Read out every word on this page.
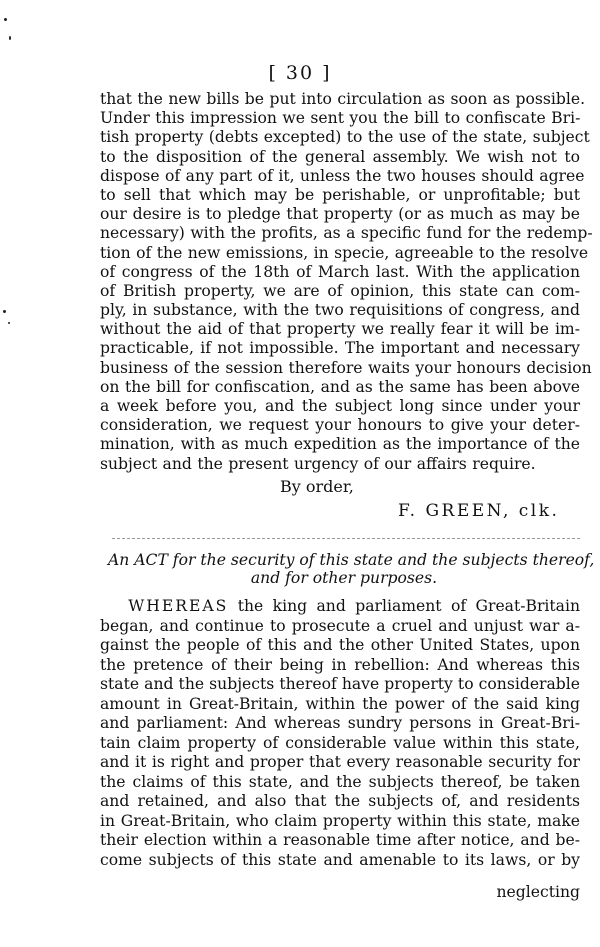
[ 30 ]
that the new bills be put into circulation as soon as possible.
Under this impression we sent you the bill to confiscate Bri-
tish property (debts excepted) to the use of the state, subject
to the disposition of the general assembly. We wish not to
dispose of any part of it, unless the two houses should agree
to sell that which may be perishable, or unprofitable; but
our desire is to pledge that property (or as much as may be
necessary) with the profits, as a specific fund for the redemp-
tion of the new emissions, in specie, agreeable to the resolve
of congress of the 18th of March last. With the application
of British property, we are of opinion, this state can com-
ply, in substance, with the two requisitions of congress, and
without the aid of that property we really fear it will be im-
practicable, if not impossible. The important and necessary
business of the session therefore waits your honours decision
on the bill for confiscation, and as the same has been above
a week before you, and the subject long since under your
consideration, we request your honours to give your deter-
mination, with as much expedition as the importance of the
subject and the present urgency of our affairs require.
By order,
F. GREEN, clk.
An ACT for the security of this state and the subjects thereof,
and for other purposes.
WHEREAS the king and parliament of Great-Britain
began, and continue to prosecute a cruel and unjust war a-
gainst the people of this and the other United States, upon
the pretence of their being in rebellion: And whereas this
state and the subjects thereof have property to considerable
amount in Great-Britain, within the power of the said king
and parliament: And whereas sundry persons in Great-Bri-
tain claim property of considerable value within this state,
and it is right and proper that every reasonable security for
the claims of this state, and the subjects thereof, be taken
and retained, and also that the subjects of, and residents
in Great-Britain, who claim property within this state, make
their election within a reasonable time after notice, and be-
come subjects of this state and amenable to its laws, or by
neglecting
